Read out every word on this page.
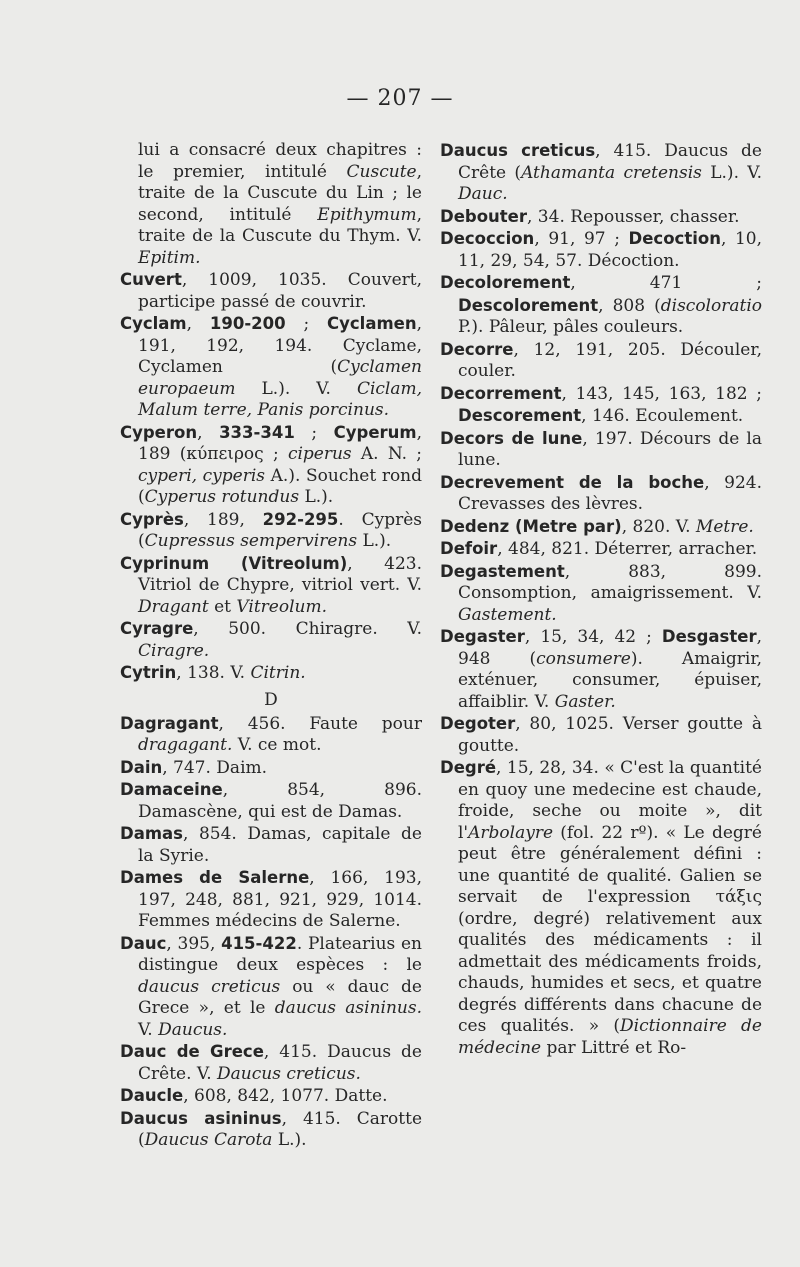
— 207 —

lui a consacré deux chapitres : le premier, intitulé Cuscute, traite de la Cuscute du Lin ; le second, intitulé Epithymum, traite de la Cuscute du Thym. V. Epitim.

Cuvert, 1009, 1035. Couvert, participe passé de couvrir.

Cyclam, 190-200 ; Cyclamen, 191, 192, 194. Cyclame, Cyclamen (Cyclamen europaeum L.). V. Ciclam, Malum terre, Panis porcinus.

Cyperon, 333-341 ; Cyperum, 189 (κύπειρος ; ciperus A. N. ; cyperi, cyperis A.). Souchet rond (Cyperus rotundus L.).

Cyprès, 189, 292-295. Cyprès (Cupressus sempervirens L.).

Cyprinum (Vitreolum), 423. Vitriol de Chypre, vitriol vert. V. Dragant et Vitreolum.

Cyragre, 500. Chiragre. V. Ciragre.

Cytrin, 138. V. Citrin.

D

Dagragant, 456. Faute pour dragagant. V. ce mot.

Dain, 747. Daim.

Damaceine, 854, 896. Damascène, qui est de Damas.

Damas, 854. Damas, capitale de la Syrie.

Dames de Salerne, 166, 193, 197, 248, 881, 921, 929, 1014. Femmes médecins de Salerne.

Dauc, 395, 415-422. Platearius en distingue deux espèces : le daucus creticus ou « dauc de Grece », et le daucus asininus. V. Daucus.

Dauc de Grece, 415. Daucus de Crête. V. Daucus creticus.

Daucle, 608, 842, 1077. Datte.

Daucus asininus, 415. Carotte (Daucus Carota L.).

Daucus creticus, 415. Daucus de Crête (Athamanta cretensis L.). V. Dauc.

Debouter, 34. Repousser, chasser.

Decoccion, 91, 97 ; Decoction, 10, 11, 29, 54, 57. Décoction.

Decolorement, 471 ; Descolorement, 808 (discoloratio P.). Pâleur, pâles couleurs.

Decorre, 12, 191, 205. Découler, couler.

Decorrement, 143, 145, 163, 182 ; Descorement, 146. Ecoulement.

Decors de lune, 197. Décours de la lune.

Decrevement de la boche, 924. Crevasses des lèvres.

Dedenz (Metre par), 820. V. Metre.

Defoir, 484, 821. Déterrer, arracher.

Degastement, 883, 899. Consomption, amaigrissement. V. Gastement.

Degaster, 15, 34, 42 ; Desgaster, 948 (consumere). Amaigrir, exténuer, consumer, épuiser, affaiblir. V. Gaster.

Degoter, 80, 1025. Verser goutte à goutte.

Degré, 15, 28, 34. « C'est la quantité en quoy une medecine est chaude, froide, seche ou moite », dit l'Arbolayre (fol. 22 rº). « Le degré peut être généralement défini : une quantité de qualité. Galien se servait de l'expression τάξις (ordre, degré) relativement aux qualités des médicaments : il admettait des médicaments froids, chauds, humides et secs, et quatre degrés différents dans chacune de ces qualités. » (Dictionnaire de médecine par Littré et Ro-
